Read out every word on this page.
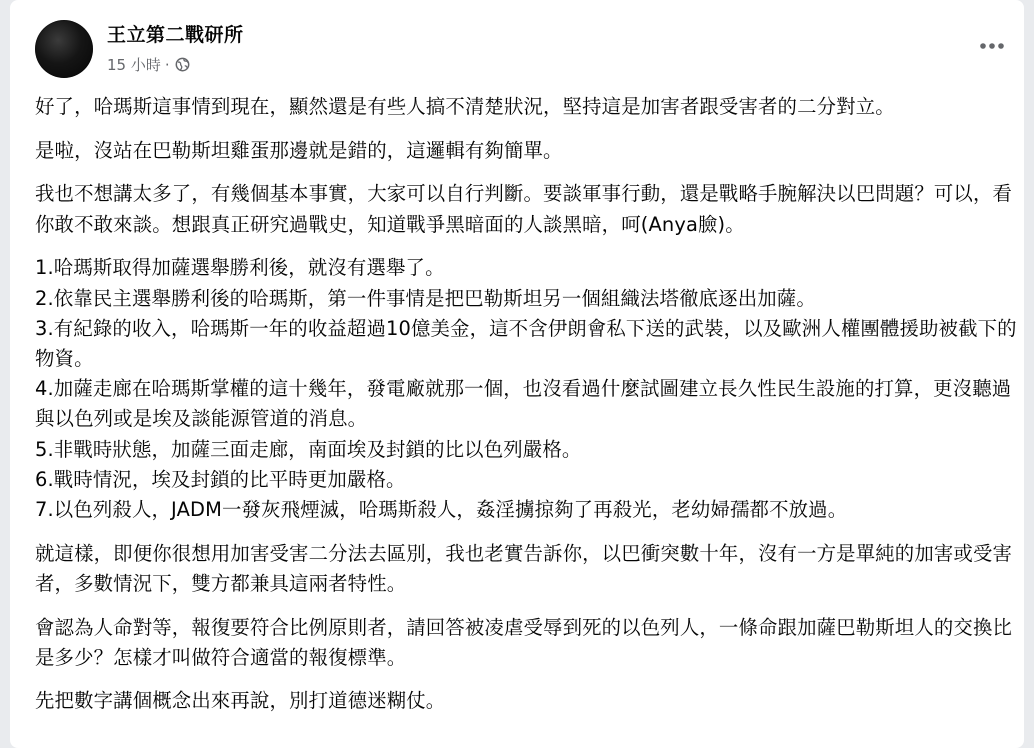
王立第二戰研所
15 小時 ·

好了，哈瑪斯這事情到現在，顯然還是有些人搞不清楚狀況，堅持這是加害者跟受害者的二分對立。

是啦，沒站在巴勒斯坦雞蛋那邊就是錯的，這邏輯有夠簡單。

我也不想講太多了，有幾個基本事實，大家可以自行判斷。要談軍事行動，還是戰略手腕解決以巴問題？可以，看你敢不敢來談。想跟真正研究過戰史，知道戰爭黑暗面的人談黑暗，呵(Anya臉)。

1.哈瑪斯取得加薩選舉勝利後，就沒有選舉了。

2.依靠民主選舉勝利後的哈瑪斯，第一件事情是把巴勒斯坦另一個組織法塔徹底逐出加薩。

3.有紀錄的收入，哈瑪斯一年的收益超過10億美金，這不含伊朗會私下送的武裝，以及歐洲人權團體援助被截下的物資。

4.加薩走廊在哈瑪斯掌權的這十幾年，發電廠就那一個，也沒看過什麼試圖建立長久性民生設施的打算，更沒聽過與以色列或是埃及談能源管道的消息。

5.非戰時狀態，加薩三面走廊，南面埃及封鎖的比以色列嚴格。

6.戰時情況，埃及封鎖的比平時更加嚴格。

7.以色列殺人，JADM一發灰飛煙滅，哈瑪斯殺人，姦淫擄掠夠了再殺光，老幼婦孺都不放過。

就這樣，即便你很想用加害受害二分法去區別，我也老實告訴你，以巴衝突數十年，沒有一方是單純的加害或受害者，多數情況下，雙方都兼具這兩者特性。

會認為人命對等，報復要符合比例原則者，請回答被凌虐受辱到死的以色列人，一條命跟加薩巴勒斯坦人的交換比是多少？怎樣才叫做符合適當的報復標準。

先把數字講個概念出來再說，別打道德迷糊仗。
